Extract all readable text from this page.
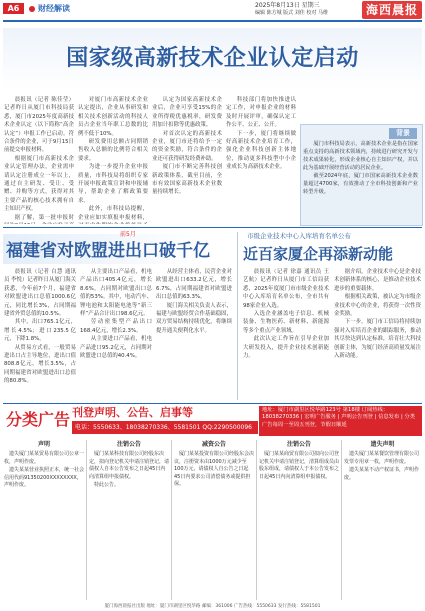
A6	财经解读	2025年8月13日 星期三
编辑 陈方城 版式 刘佳 校对 马维	海西晨报
国家级高新技术企业认定启动

晨报讯（记者 陈佳莹）记者昨日从厦门市科技局获悉，厦门市2025年度高新技术企业认定（以下简称“高企认定”）申报工作已启动。符合条件的企业，可于9月15日前提交申报材料。

根据厦门市高新技术企业认定管理办法，企业需申请认定注册成立一年以上，通过自主研发、受让、受赠、并购等方式，获得对其主要产品的核心技术拥有自主知识产权。

据了解，第一批申报时

对厦门市高新技术企业认定提出，企业从事研发和相关技术创新活动的科技人员占企业当年职工总数的比例不低于10%。

研发费用总额占同期销售收入总额的比例符合相关要求。

为进一步提升企业申报质量，市科技局将组织专家开展申报政策宣讲和申报辅导，帮助企业了解政策要求。

此外，市科技局提醒，企业应如实填报申报材料，

认定为国家高新技术企业后，企业可享受15%的企业所得税优惠税率，研发费用加计扣除等优惠政策。

对首次认定的高新技术企业，厦门市还将给予一定的资金奖励，符合条件的企业还可获得研发经费补助。

厦门市不断完善科技创新政策体系，截至目前，全市有效国家高新技术企业数量持续增长。

科技部门将加快推进认定工作，对申报企业的材料及时开展评审，确保认定工作公平、公正、公开。

下一步，厦门将继续做好高新技术企业培育工作，强化企业科技创新主体地位，推动更多科技型中小企业成长为高新技术企业。

背景

厦门市科技局表示，高新技术企业是指在国家重点支持的高新技术领域内，持续进行研究开发与技术成果转化，形成企业核心自主知识产权，并以此为基础开展经营活动的居民企业。

截至2024年底，厦门市国家高新技术企业数量超过4700家，有效推动了全市科技创新和产业转型升级。

前5月
福建省对欧盟进出口破千亿

晨报讯（记者 白慧 通讯员 李悦）记者昨日从厦门海关获悉，今年前7个月，福建省对欧盟进出口总值1000.6亿元，同比增长3%，占同期福建省外贸总值的10.5%。

其中，出口765.1亿元，增长4.5%；进口235.5亿元，下降1.8%。

从贸易方式看，一般贸易进出口占主导地位，进出口值808.8亿元，增长3.5%，占同期福建省对欧盟进出口总值的80.8%。

从主要出口产品看，机电产品出口405.4亿元，增长8.6%，占同期对欧盟出口总值的53%。其中，电动汽车、锂电池和太阳能电池等“新三样”产品合计出口98.6亿元。

劳动密集型产品出口168.4亿元，增长2.3%。

从主要进口产品看，机电产品进口95.2亿元，占同期对欧盟进口总值的40.4%。

从经营主体看，民营企业对欧盟进出口633.2亿元，增长6.7%，占同期福建省对欧盟进出口总值的63.3%。

厦门海关相关负责人表示，福建与欧盟经贸合作基础稳固，双方贸易结构持续优化，将继续提升通关便利化水平。

市级企业技术中心入库培育名单公布
近百家厦企再添新动能

晨报讯（记者 徐嘉 通讯员 王艺航）记者昨日从厦门市工信局获悉，2025年度厦门市市级企业技术中心入库培育名单公布，全市共有98家企业入选。

入选企业涵盖电子信息、机械装备、生物医药、新材料、新能源等多个重点产业领域。

此次认定工作旨在引导企业加大研发投入，提升企业技术创新能力。

据介绍，企业技术中心是企业技术创新体系的核心，是推动企业技术进步的重要载体。

根据相关政策，被认定为市级企业技术中心的企业，将获得一次性资金奖励。

下一步，厦门市工信局将持续加强对入库培育企业的跟踪服务，推动其尽快达到认定标准，培育壮大科技创新主体，为厦门经济高质量发展注入新动能。

分类广告 刊登声明、公告、启事等
电话：5550633、18038270336、5581501 QQ:2290500096
地址：厦门市湖里区悦华路123号 第18楼 订阅热线：18038270336 | 宏明广告服务 | 声明公告刊登 | 信息发布 | 分类广告每周一至周五刊登，节假日顺延
声明

遗失厦门某某贸易有限公司公章一枚，声明作废。

遗失某某营业执照正本，统一社会信用代码91350200XXXXXXXX，声明作废。

注销公告

厦门某某科技有限公司经股东决定，拟向登记机关申请注销登记，请债权人自本公告发布之日起45日内向清算组申报债权。

特此公告。

减资公告

厦门某某投资有限公司经股东会决议，注册资本由1000万元减少至100万元，请债权人自公告之日起45日内要求公司清偿债务或提供担保。

注销公告

厦门某某商贸有限公司拟向公司登记机关申请注销登记，清算组成员由股东组成，请债权人于本公告发布之日起45日内向清算组申报债权。

遗失声明

遗失厦门某某餐饮管理有限公司发票专用章一枚，声明作废。

遗失某某不动产权证书，声明作废。

厦门海西晨报社出版 地址：厦门市湖里区悦华路 邮编：361006 广告热线：5550633 发行热线：5581501
